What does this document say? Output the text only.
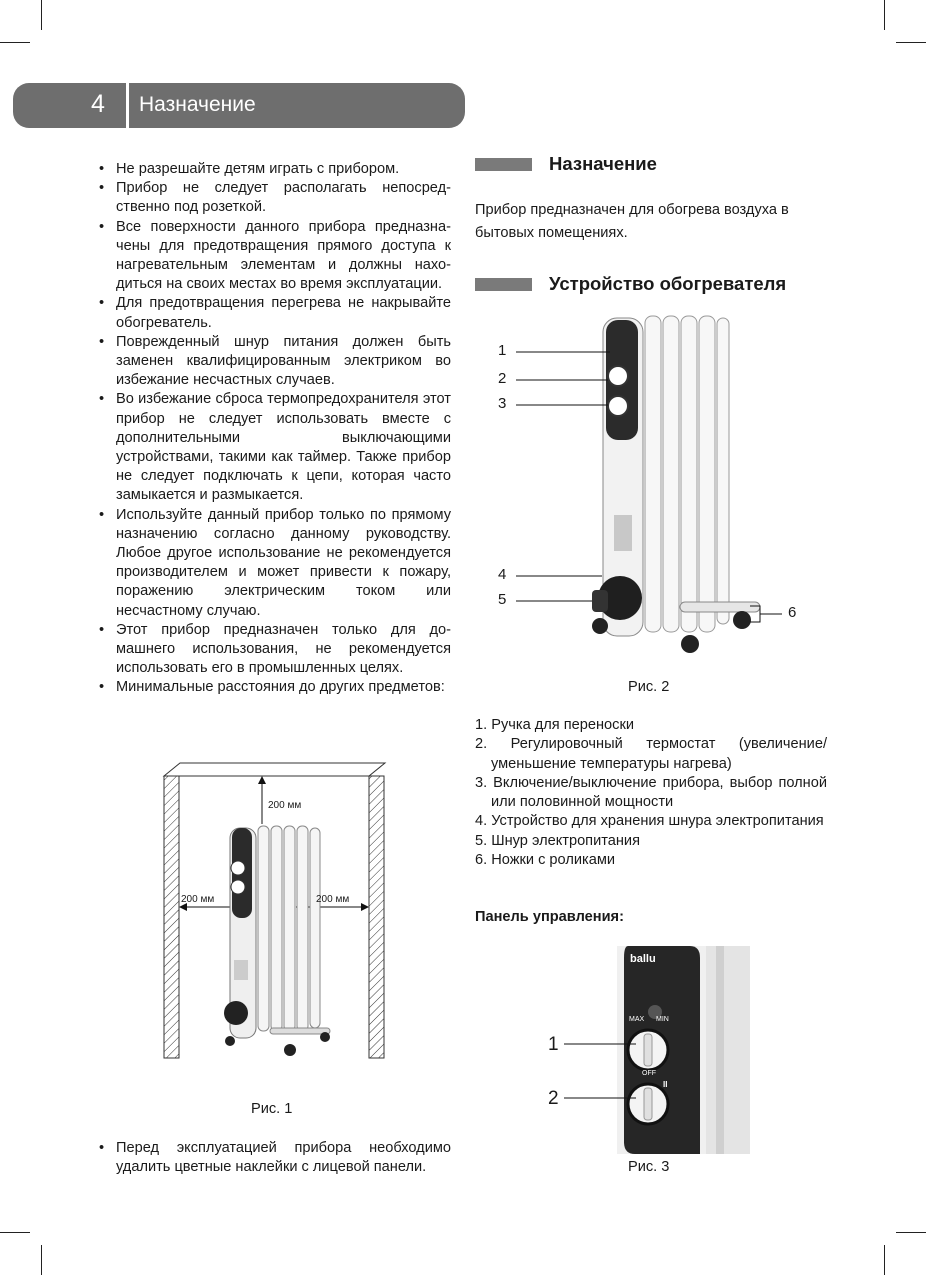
4 Назначение
• Не разрешайте детям играть с прибором.
• Прибор не следует располагать непосредственно под розеткой.
• Все поверхности данного прибора предназначены для предотвращения прямого доступа к нагревательным элементам и должны находиться на своих местах во время эксплуатации.
• Для предотвращения перегрева не накрывайте обогреватель.
• Поврежденный шнур питания должен быть заменен квалифицированным электриком во избежание несчастных случаев.
• Во избежание сброса термопредохранителя этот прибор не следует использовать вместе с дополнительными выключающими устройствами, такими как таймер. Также прибор не следует подключать к цепи, которая часто замыкается и размыкается.
• Используйте данный прибор только по прямому назначению согласно данному руководству. Любое другое использование не рекомендуется производителем и может привести к пожару, поражению электрическим током или несчастному случаю.
• Этот прибор предназначен только для домашнего использования, не рекомендуется использовать его в промышленных целях.
• Минимальные расстояния до других предметов:
200 мм
200 мм	200 мм
Рис. 1
• Перед эксплуатацией прибора необходимо удалить цветные наклейки с лицевой панели.
Назначение
Прибор предназначен для обогрева воздуха в бытовых помещениях.
Устройство обогревателя
1
2
3
4
5
6
Рис. 2
1. Ручка для переноски
2. Регулировочный термостат (увеличение/ уменьшение температуры нагрева)
3. Включение/выключение прибора, выбор полной или половинной мощности
4. Устройство для хранения шнура электропитания
5. Шнур электропитания
6. Ножки с роликами
Панель управления:
ballu
MAX MIN
OFF
II
1
2
Рис. 3
